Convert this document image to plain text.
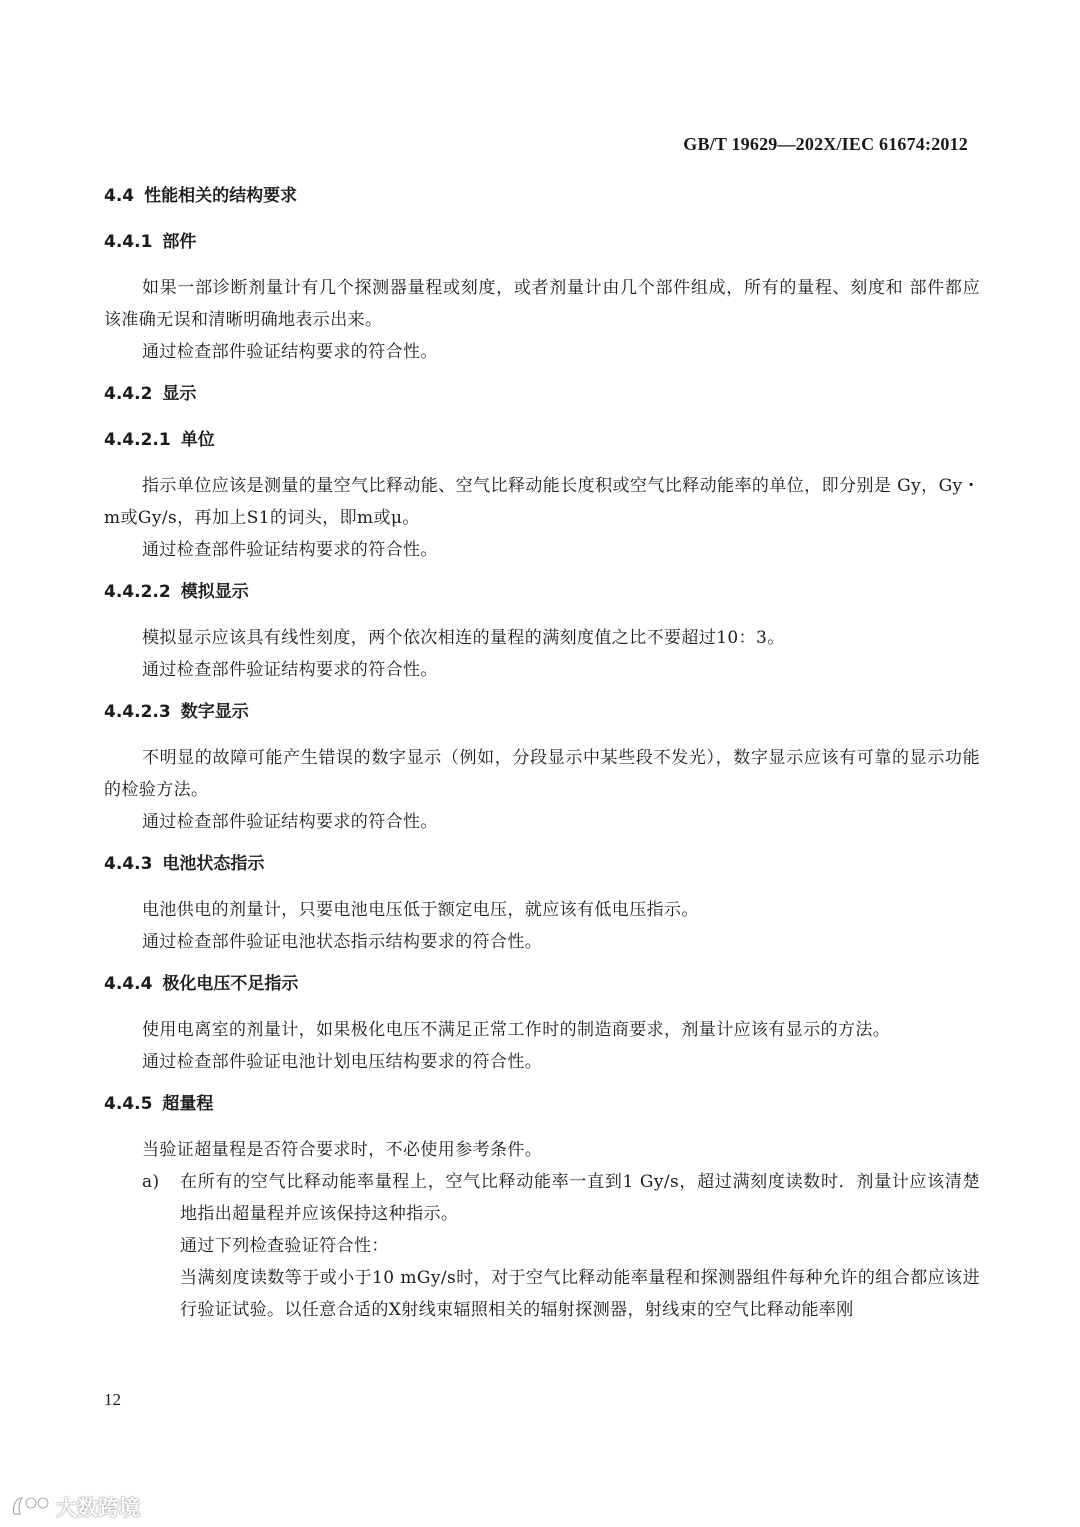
GB/T 19629—202X/IEC 61674:2012
4.4 性能相关的结构要求
4.4.1 部件
如果一部诊断剂量计有几个探测器量程或刻度，或者剂量计由几个部件组成，所有的量程、刻度和 部件都应该准确无误和清晰明确地表示出来。
通过检查部件验证结构要求的符合性。
4.4.2 显示
4.4.2.1 单位
指示单位应该是测量的量空气比释动能、空气比释动能长度积或空气比释动能率的单位，即分别是 Gy，Gy・m或Gy/s，再加上S1的词头，即m或μ。
通过检查部件验证结构要求的符合性。
4.4.2.2 模拟显示
模拟显示应该具有线性刻度，两个依次相连的量程的满刻度值之比不要超过10：3。
通过检查部件验证结构要求的符合性。
4.4.2.3 数字显示
不明显的故障可能产生错误的数字显示（例如，分段显示中某些段不发光），数字显示应该有可靠的显示功能的检验方法。
通过检查部件验证结构要求的符合性。
4.4.3 电池状态指示
电池供电的剂量计，只要电池电压低于额定电压，就应该有低电压指示。
通过检查部件验证电池状态指示结构要求的符合性。
4.4.4 极化电压不足指示
使用电离室的剂量计，如果极化电压不满足正常工作时的制造商要求，剂量计应该有显示的方法。
通过检查部件验证电池计划电压结构要求的符合性。
4.4.5 超量程
当验证超量程是否符合要求时，不必使用参考条件。
a) 在所有的空气比释动能率量程上，空气比释动能率一直到1 Gy/s，超过满刻度读数时．剂量计应该清楚地指出超量程并应该保持这种指示。
通过下列检查验证符合性：
当满刻度读数等于或小于10 mGy/s时，对于空气比释动能率量程和探测器组件每种允许的组合都应该进行验证试验。以任意合适的X射线束辐照相关的辐射探测器，射线束的空气比释动能率刚
12
大数跨境
